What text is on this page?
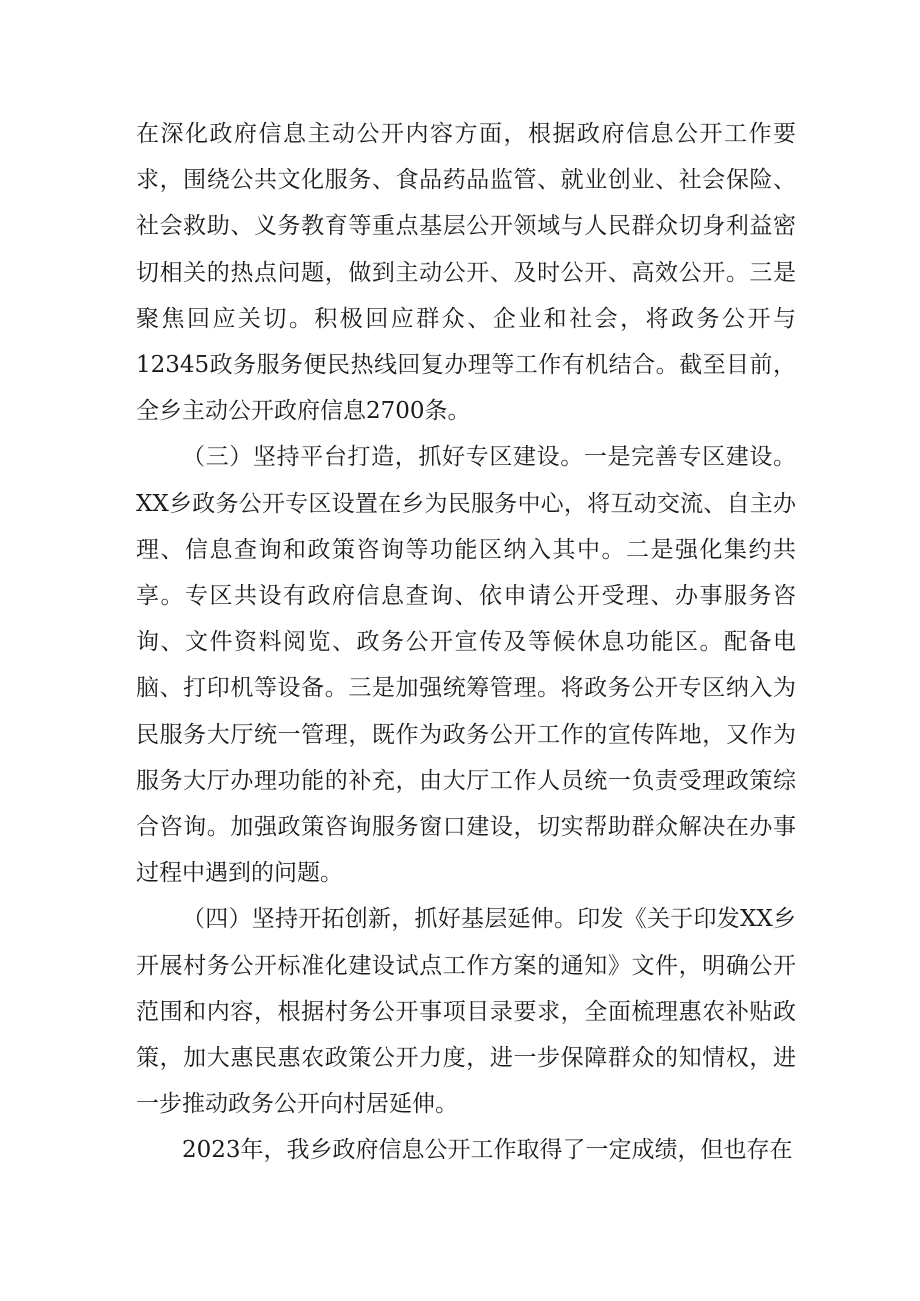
在深化政府信息主动公开内容方面，根据政府信息公开工作要求，围绕公共文化服务、食品药品监管、就业创业、社会保险、社会救助、义务教育等重点基层公开领域与人民群众切身利益密切相关的热点问题，做到主动公开、及时公开、高效公开。三是聚焦回应关切。积极回应群众、企业和社会，将政务公开与12345政务服务便民热线回复办理等工作有机结合。截至目前，全乡主动公开政府信息2700条。

（三）坚持平台打造，抓好专区建设。一是完善专区建设。XX乡政务公开专区设置在乡为民服务中心，将互动交流、自主办理、信息查询和政策咨询等功能区纳入其中。二是强化集约共享。专区共设有政府信息查询、依申请公开受理、办事服务咨询、文件资料阅览、政务公开宣传及等候休息功能区。配备电脑、打印机等设备。三是加强统筹管理。将政务公开专区纳入为民服务大厅统一管理，既作为政务公开工作的宣传阵地，又作为服务大厅办理功能的补充，由大厅工作人员统一负责受理政策综合咨询。加强政策咨询服务窗口建设，切实帮助群众解决在办事过程中遇到的问题。

（四）坚持开拓创新，抓好基层延伸。印发《关于印发XX乡开展村务公开标准化建设试点工作方案的通知》文件，明确公开范围和内容，根据村务公开事项目录要求，全面梳理惠农补贴政策，加大惠民惠农政策公开力度，进一步保障群众的知情权，进一步推动政务公开向村居延伸。

2023年，我乡政府信息公开工作取得了一定成绩，但也存在
